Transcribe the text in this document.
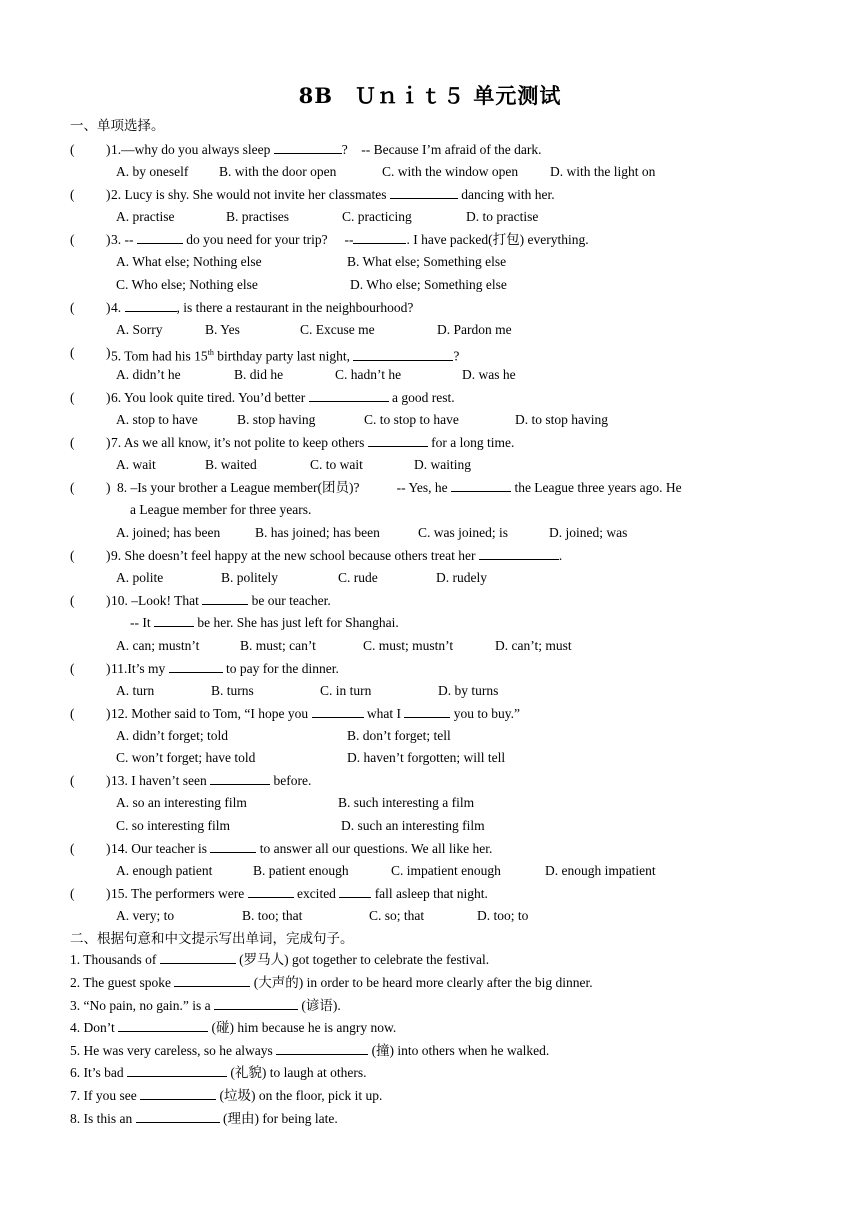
8B　Ｕｎｉｔ５ 单元测试
一、单项选择。
( ) 1.—why do you always sleep	?    -- Because I’m afraid of the dark.
A. by oneself B. with the door open	C. with the window open D. with the light on
( ) 2. Lucy is shy. She would not invite her classmates	dancing with her.
A. practise	B. practises	C. practicing	D. to practise
( ) 3. --	do you need for your trip?     --	. I have packed(打包) everything.
A. What else; Nothing else	B. What else; Something else
C. Who else; Nothing else	D. Who else; Something else
( ) 4.	, is there a restaurant in the neighbourhood?
A. Sorry	B. Yes	C. Excuse me	D. Pardon me
( ) 5. Tom had his 15th birthday party last night,	?
A. didn’t he	B. did he	C. hadn’t he	D. was he
( ) 6. You look quite tired. You’d better	a good rest.
A. stop to have	B. stop having	C. to stop to have	D. to stop having
( ) 7. As we all know, it’s not polite to keep others	for a long time.
A. wait	B. waited	C. to wait	D. waiting
( ) 8. –Is your brother a League member(团员)?	-- Yes, he	the League three years ago. He
a League member for three years.
A. joined; has been	B. has joined; has been	C. was joined; is	D. joined; was
( ) 9. She doesn’t feel happy at the new school because others treat her	.
A. polite	B. politely	C. rude	D. rudely
( ) 10. –Look! That	be our teacher.
-- It	be her. She has just left for Shanghai.
A. can; mustn’t	B. must; can’t	C. must; mustn’t	D. can’t; must
( ) 11.It’s my	to pay for the dinner.
A. turn	B. turns	C. in turn	D. by turns
( ) 12. Mother said to Tom, “I hope you	what I	you to buy.”
A. didn’t forget; told	B. don’t forget; tell
C. won’t forget; have told	D. haven’t forgotten; will tell
( ) 13. I haven’t seen	before.
A. so an interesting film	B. such interesting a film
C. so interesting film	D. such an interesting film
( ) 14. Our teacher is	to answer all our questions. We all like her.
A. enough patient	B. patient enough	C. impatient enough	D. enough impatient
( ) 15. The performers were	excited  fall asleep that night.
A. very; to	B. too; that	C. so; that	D. too; to
1. Thousands of	(罗马人) got together to celebrate the festival.
2. The guest spoke	(大声的) in order to be heard more clearly after the big dinner.
3. “No pain, no gain.” is a	(谚语).
4. Don’t	(碰) him because he is angry now.
5. He was very careless, so he always	(撞) into others when he walked.
6. It’s bad	(礼貌) to laugh at others.
7. If you see	(垃圾) on the floor, pick it up.
8. Is this an	(理由) for being late.
二、根据句意和中文提示写出单词，完成句子。
